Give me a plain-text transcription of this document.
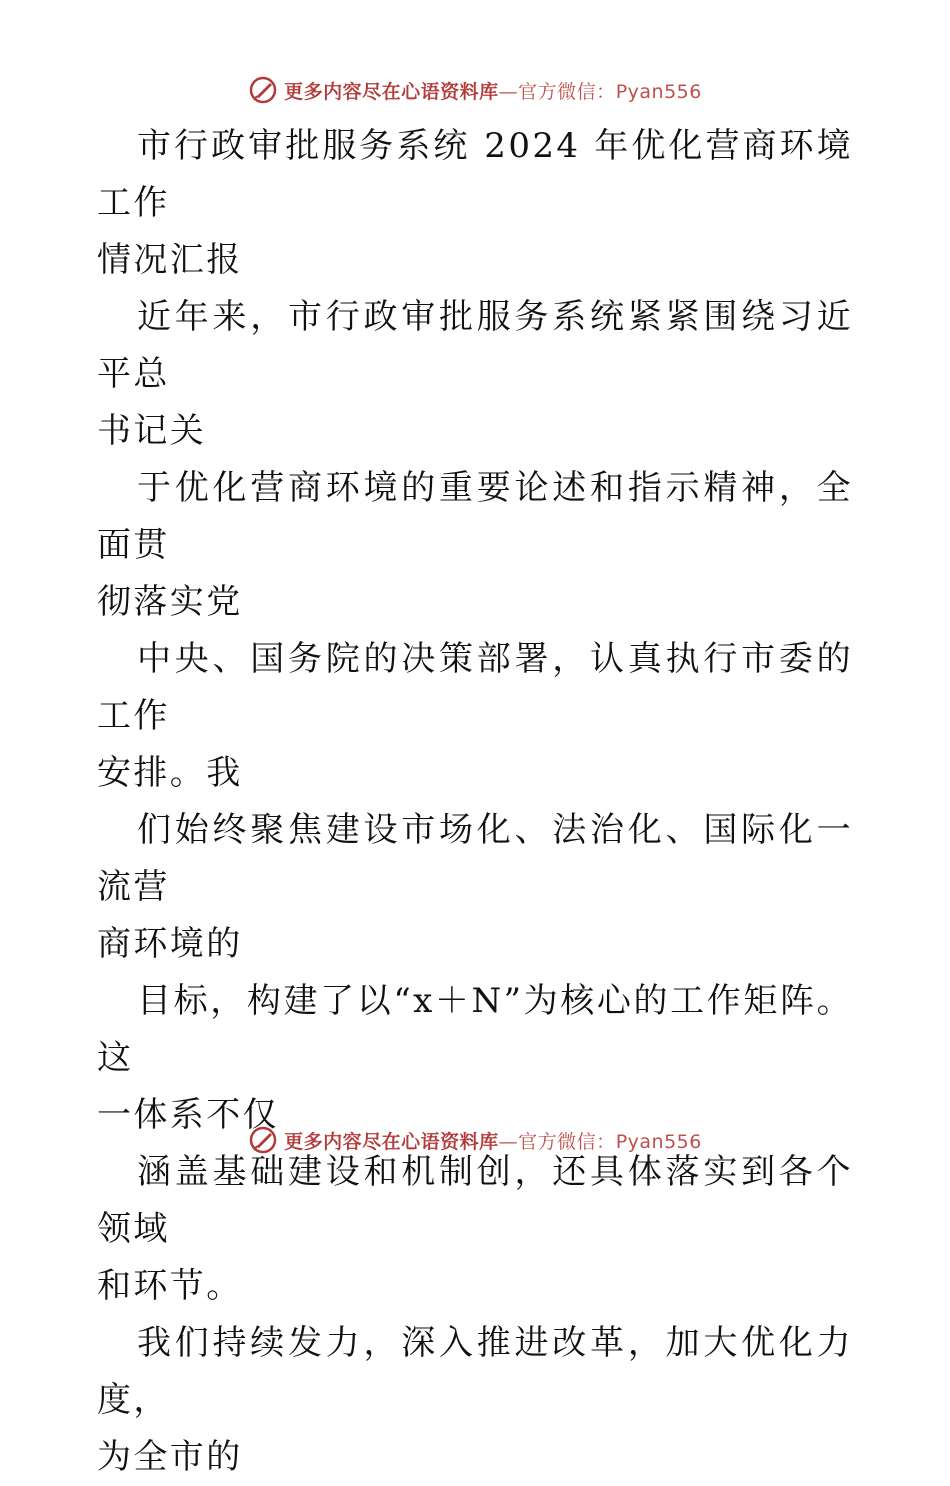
更多内容尽在心语资料库—官方微信：Pyan556

市行政审批服务系统 2024 年优化营商环境工作
情况汇报

近年来，市行政审批服务系统紧紧围绕习近平总
书记关

于优化营商环境的重要论述和指示精神，全面贯
彻落实党

中央、国务院的决策部署，认真执行市委的工作
安排。我

们始终聚焦建设市场化、法治化、国际化一流营
商环境的

目标，构建了以“x＋N”为核心的工作矩阵。这
一体系不仅

涵盖基础建设和机制创，还具体落实到各个领域
和环节。

我们持续发力，深入推进改革，加大优化力度，
为全市的

更多内容尽在心语资料库—官方微信：Pyan556
